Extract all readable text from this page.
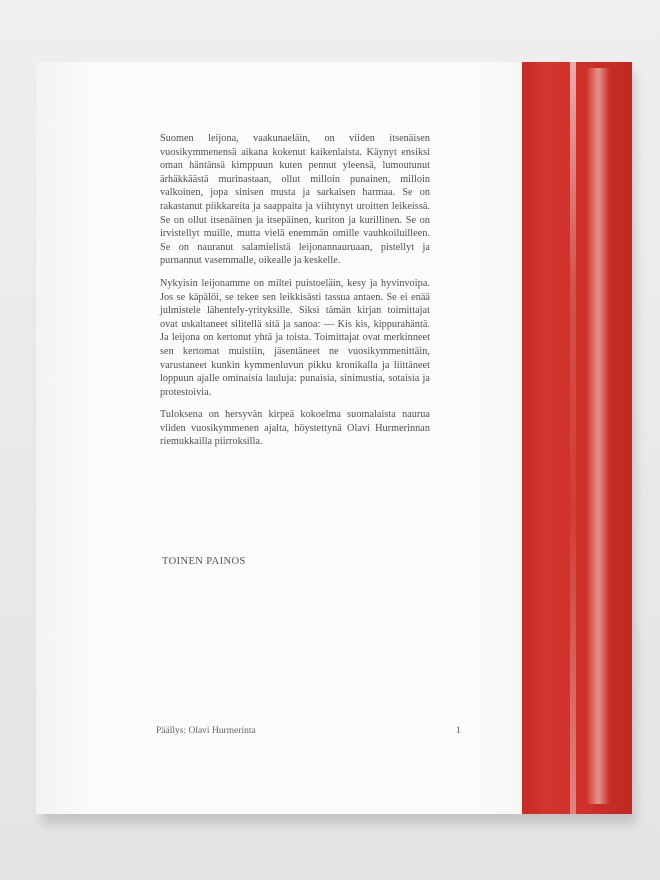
Suomen leijona, vaakunaeläin, on viiden itsenäisen vuosikymmenensä aikana kokenut kaikenlaista. Käynyt ensiksi oman häntänsä kimppuun kuten pennut yleensä, lumoutunut ärhäkkäästä murinastaan, ollut milloin punainen, milloin valkoinen, jopa sinisen musta ja sarkaisen harmaa. Se on rakastanut piikkareita ja saappaita ja viihtynyt uroitten leikeissä. Se on ollut itsenäinen ja itsepäinen, kuriton ja kurillinen. Se on irvistellyt muille, mutta vielä enemmän omille vauhkoiluilleen. Se on nauranut salamielistä leijonannauruaan, pistellyt ja purnannut vasemmalle, oikealle ja keskelle.

Nykyisin leijonamme on miltei puistoeläin, kesy ja hyvinvoipa. Jos se käpälöi, se tekee sen leikkisästi tassua antaen. Se ei enää julmistele lähentely-yrityksille. Siksi tämän kirjan toimittajat ovat uskaltaneet silitellä sitä ja sanoa: — Kis kis, kippurahäntä. Ja leijona on kertonut yhtä ja toista. Toimittajat ovat merkinneet sen kertomat muistiin, jäsentäneet ne vuosikymmenittäin, varustaneet kunkin kymmenluvun pikku kronikalla ja liittäneet loppuun ajalle ominaisia lauluja: punaisia, sinimustia, sotaisia ja protestoivia.

Tuloksena on hersyvän kirpeä kokoelma suomalaista naurua viiden vuosikymmenen ajalta, höystettynä Olavi Hurmerinnan riemukkailla piirroksilla.

TOINEN PAINOS
Päällys: Olavi Hurmerinta	1
